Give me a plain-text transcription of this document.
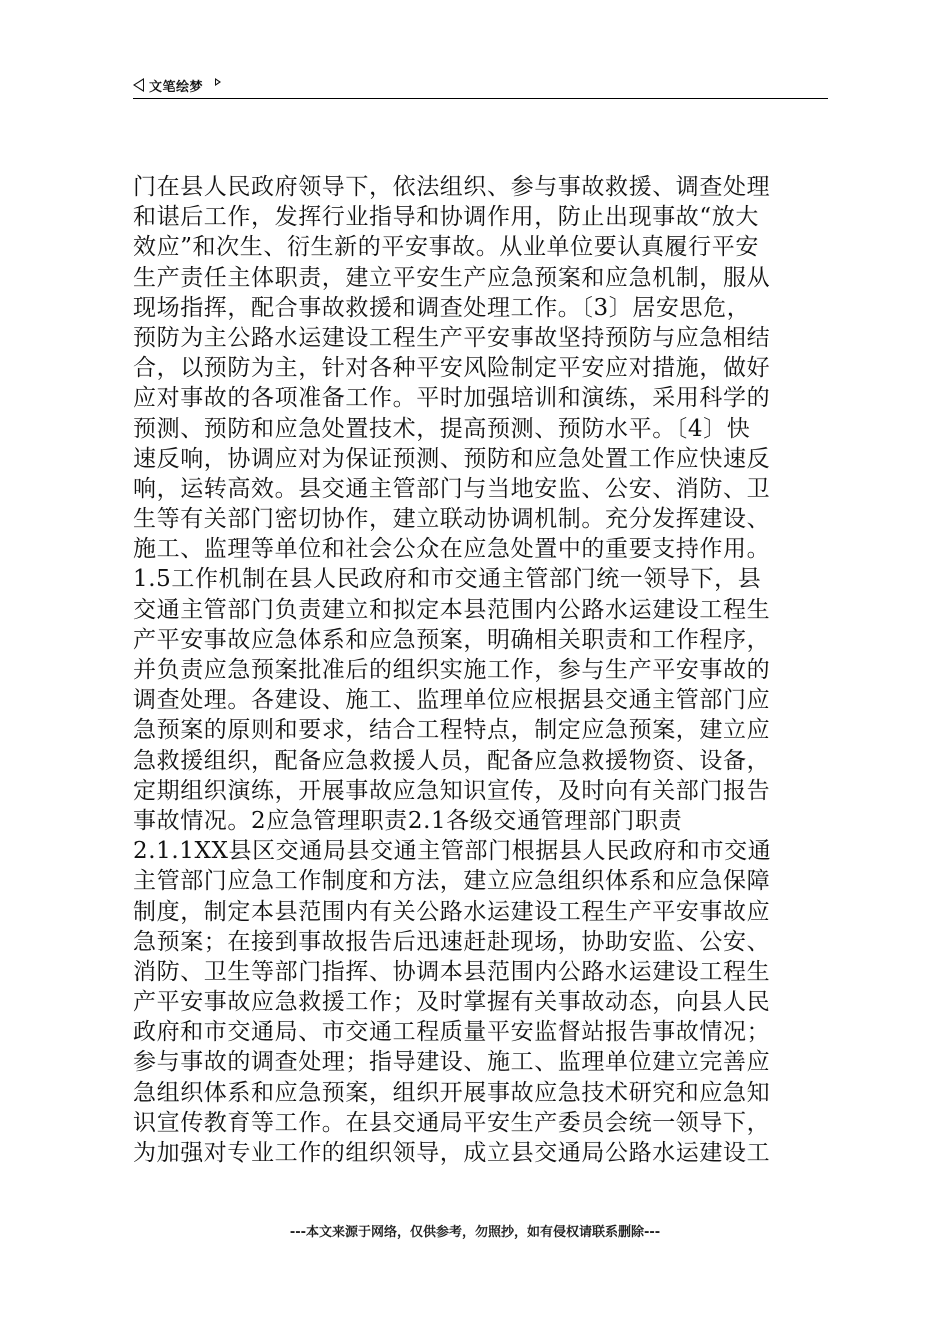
文笔绘梦
门在县人民政府领导下，依法组织、参与事故救援、调查处理
和谌后工作，发挥行业指导和协调作用，防止出现事故“放大
效应”和次生、衍生新的平安事故。从业单位要认真履行平安
生产责任主体职责，建立平安生产应急预案和应急机制，服从
现场指挥，配合事故救援和调查处理工作。〔3〕居安思危，
预防为主公路水运建设工程生产平安事故坚持预防与应急相结
合，以预防为主，针对各种平安风险制定平安应对措施，做好
应对事故的各项准备工作。平时加强培训和演练，采用科学的
预测、预防和应急处置技术，提高预测、预防水平。〔4〕快
速反响，协调应对为保证预测、预防和应急处置工作应快速反
响，运转高效。县交通主管部门与当地安监、公安、消防、卫
生等有关部门密切协作，建立联动协调机制。充分发挥建设、
施工、监理等单位和社会公众在应急处置中的重要支持作用。
1.5工作机制在县人民政府和市交通主管部门统一领导下，县
交通主管部门负责建立和拟定本县范围内公路水运建设工程生
产平安事故应急体系和应急预案，明确相关职责和工作程序，
并负责应急预案批准后的组织实施工作，参与生产平安事故的
调查处理。各建设、施工、监理单位应根据县交通主管部门应
急预案的原则和要求，结合工程特点，制定应急预案，建立应
急救援组织，配备应急救援人员，配备应急救援物资、设备，
定期组织演练，开展事故应急知识宣传，及时向有关部门报告
事故情况。2应急管理职责2.1各级交通管理部门职责
2.1.1XX县区交通局县交通主管部门根据县人民政府和市交通
主管部门应急工作制度和方法，建立应急组织体系和应急保障
制度，制定本县范围内有关公路水运建设工程生产平安事故应
急预案；在接到事故报告后迅速赶赴现场，协助安监、公安、
消防、卫生等部门指挥、协调本县范围内公路水运建设工程生
产平安事故应急救援工作；及时掌握有关事故动态，向县人民
政府和市交通局、市交通工程质量平安监督站报告事故情况；
参与事故的调查处理；指导建设、施工、监理单位建立完善应
急组织体系和应急预案，组织开展事故应急技术研究和应急知
识宣传教育等工作。在县交通局平安生产委员会统一领导下，
为加强对专业工作的组织领导，成立县交通局公路水运建设工
---本文来源于网络，仅供参考，勿照抄，如有侵权请联系删除---
